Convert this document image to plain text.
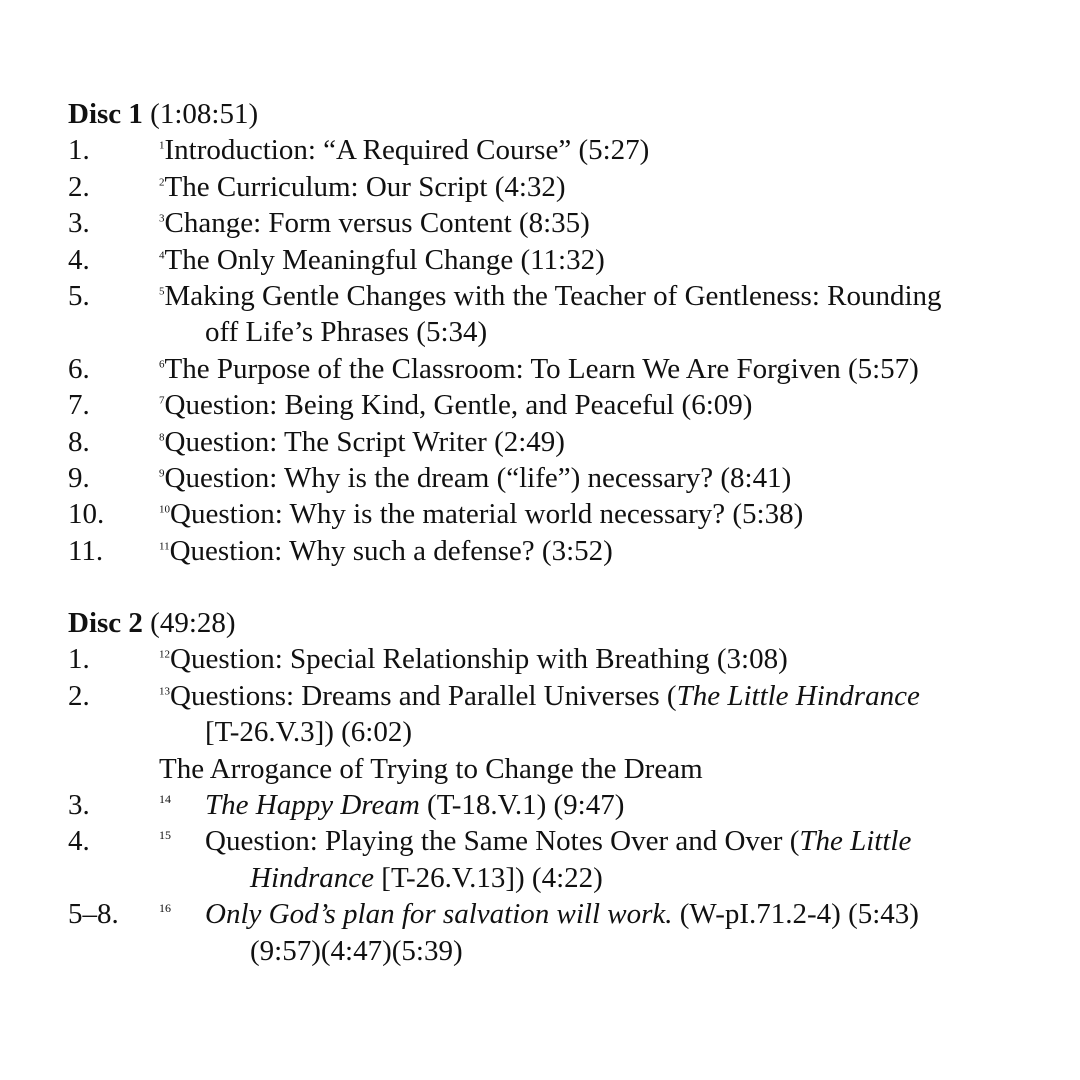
Disc 1 (1:08:51)
1.	$^1$Introduction: “A Required Course” (5:27)
2.	$^2$The Curriculum: Our Script (4:32)
3.	$^3$Change: Form versus Content (8:35)
4.	$^4$The Only Meaningful Change (11:32)
5.	$^5$Making Gentle Changes with the Teacher of Gentleness: Rounding
off Life’s Phrases (5:34)
6.	$^6$The Purpose of the Classroom: To Learn We Are Forgiven (5:57)
7.	$^7$Question: Being Kind, Gentle, and Peaceful (6:09)
8.	$^8$Question: The Script Writer (2:49)
9.	$^9$Question: Why is the dream (“life”) necessary? (8:41)
10.	$^{10}$Question: Why is the material world necessary? (5:38)
11.	$^{11}$Question: Why such a defense? (3:52)
Disc 2 (49:28)
1.	$^{12}$Question: Special Relationship with Breathing (3:08)
2.	$^{13}$Questions: Dreams and Parallel Universes (The Little Hindrance
[T-26.V.3]) (6:02)
The Arrogance of Trying to Change the Dream
3.	14 The Happy Dream (T-18.V.1) (9:47)
4.	15 Question: Playing the Same Notes Over and Over (The Little
Hindrance [T-26.V.13]) (4:22)
5–8.	16 Only God’s plan for salvation will work. (W-pI.71.2-4) (5:43)
(9:57)(4:47)(5:39)
